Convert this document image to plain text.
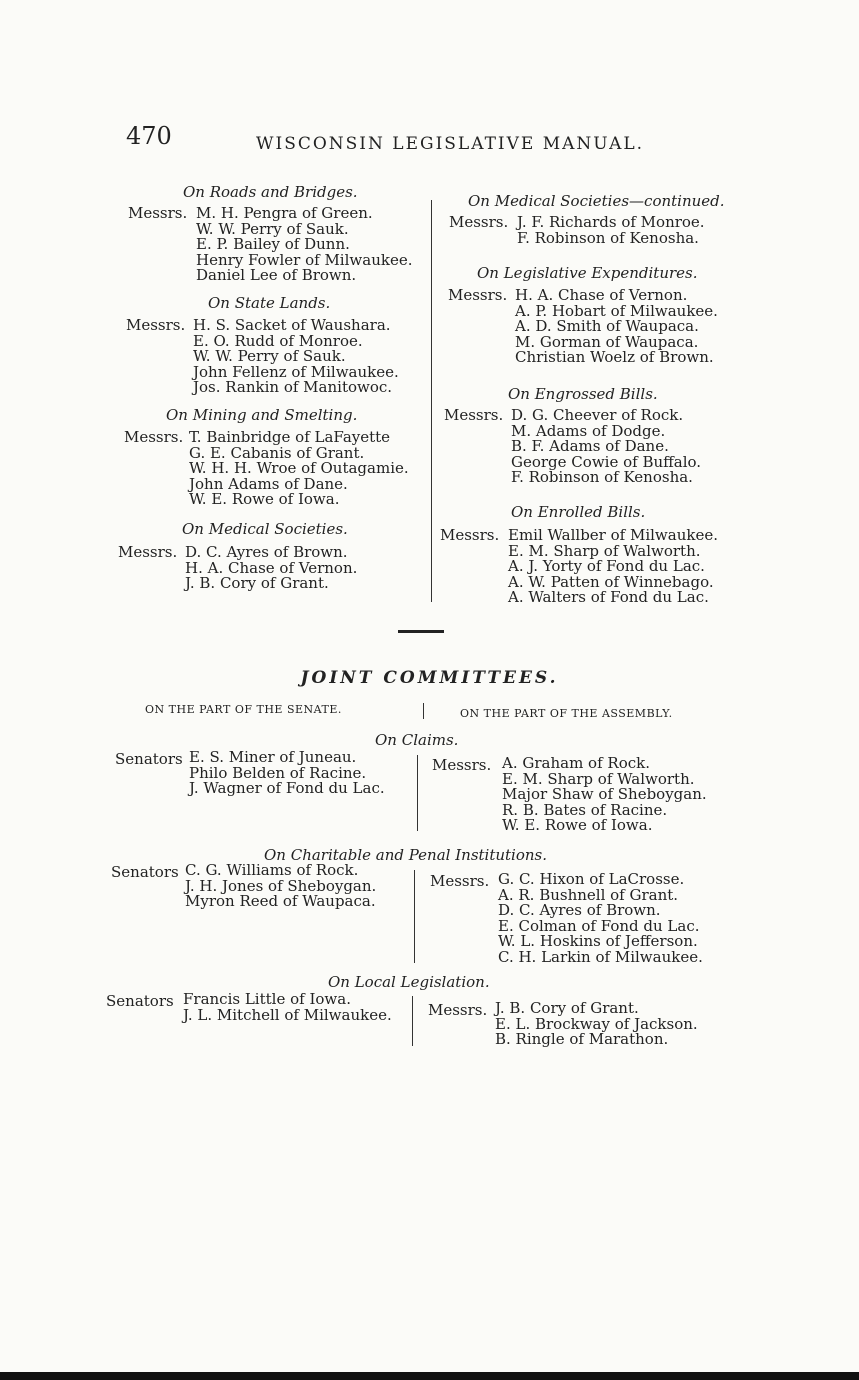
470	WISCONSIN LEGISLATIVE MANUAL.
On Roads and Bridges.
Messrs. M. H. Pengra of Green.
W. W. Perry of Sauk.
E. P. Bailey of Dunn.
Henry Fowler of Milwaukee.
Daniel Lee of Brown.
On State Lands.
Messrs. H. S. Sacket of Waushara.
E. O. Rudd of Monroe.
W. W. Perry of Sauk.
John Fellenz of Milwaukee.
Jos. Rankin of Manitowoc.
On Mining and Smelting.
Messrs. T. Bainbridge of LaFayette
G. E. Cabanis of Grant.
W. H. H. Wroe of Outagamie.
John Adams of Dane.
W. E. Rowe of Iowa.
On Medical Societies.
Messrs. D. C. Ayres of Brown.
H. A. Chase of Vernon.
J. B. Cory of Grant.
On Medical Societies—continued.
Messrs. J. F. Richards of Monroe.
F. Robinson of Kenosha.
On Legislative Expenditures.
Messrs. H. A. Chase of Vernon.
A. P. Hobart of Milwaukee.
A. D. Smith of Waupaca.
M. Gorman of Waupaca.
Christian Woelz of Brown.
On Engrossed Bills.
Messrs. D. G. Cheever of Rock.
M. Adams of Dodge.
B. F. Adams of Dane.
George Cowie of Buffalo.
F. Robinson of Kenosha.
On Enrolled Bills.
Messrs. Emil Wallber of Milwaukee.
E. M. Sharp of Walworth.
A. J. Yorty of Fond du Lac.
A. W. Patten of Winnebago.
A. Walters of Fond du Lac.
On Claims.
Senators E. S. Miner of Juneau.
Philo Belden of Racine.
J. Wagner of Fond du Lac.
Messrs. A. Graham of Rock.
E. M. Sharp of Walworth.
Major Shaw of Sheboygan.
R. B. Bates of Racine.
W. E. Rowe of Iowa.
On Charitable and Penal Institutions.
Senators C. G. Williams of Rock.
J. H. Jones of Sheboygan.
Myron Reed of Waupaca.
Messrs. G. C. Hixon of LaCrosse.
A. R. Bushnell of Grant.
D. C. Ayres of Brown.
E. Colman of Fond du Lac.
W. L. Hoskins of Jefferson.
C. H. Larkin of Milwaukee.
On Local Legislation.
Senators Francis Little of Iowa.
J. L. Mitchell of Milwaukee. Messrs. J. B. Cory of Grant.
E. L. Brockway of Jackson.
B. Ringle of Marathon.
JOINT COMMITTEES.
ON THE PART OF THE SENATE.	ON THE PART OF THE ASSEMBLY.
